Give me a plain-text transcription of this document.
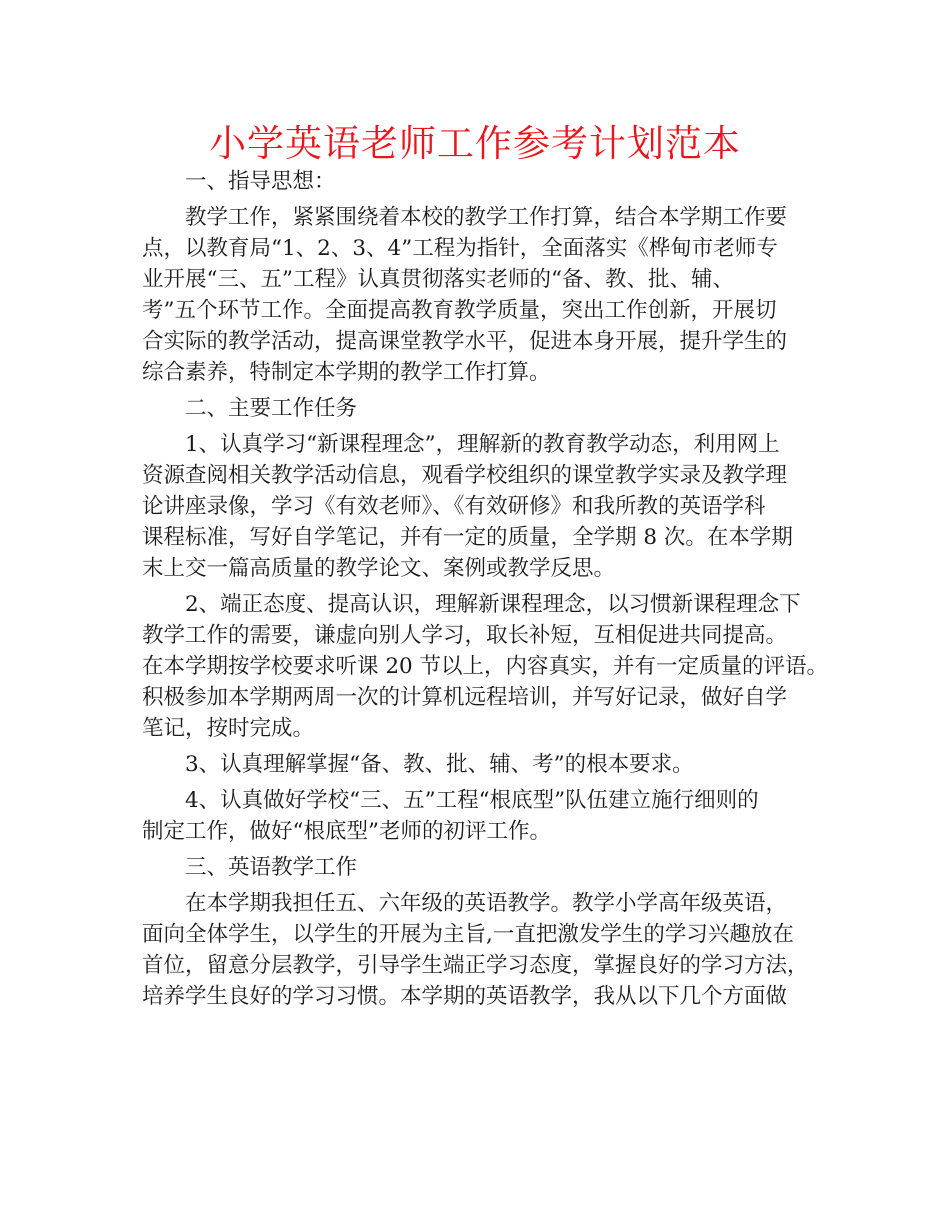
小学英语老师工作参考计划范本

一、指导思想：

教学工作，紧紧围绕着本校的教学工作打算，结合本学期工作要
点，以教育局“1、2、3、4”工程为指针，全面落实《桦甸市老师专
业开展“三、五”工程》认真贯彻落实老师的“备、教、批、辅、
考”五个环节工作。全面提高教育教学质量，突出工作创新，开展切
合实际的教学活动，提高课堂教学水平，促进本身开展，提升学生的
综合素养，特制定本学期的教学工作打算。

二、主要工作任务

1、认真学习“新课程理念”，理解新的教育教学动态，利用网上
资源查阅相关教学活动信息，观看学校组织的课堂教学实录及教学理
论讲座录像，学习《有效老师》、《有效研修》和我所教的英语学科
课程标准，写好自学笔记，并有一定的质量，全学期 8 次。在本学期
末上交一篇高质量的教学论文、案例或教学反思。

2、端正态度、提高认识，理解新课程理念，以习惯新课程理念下
教学工作的需要，谦虚向别人学习，取长补短，互相促进共同提高。
在本学期按学校要求听课 20 节以上，内容真实，并有一定质量的评语。
积极参加本学期两周一次的计算机远程培训，并写好记录，做好自学
笔记，按时完成。

3、认真理解掌握“备、教、批、辅、考”的根本要求。

4、认真做好学校“三、五”工程“根底型”队伍建立施行细则的
制定工作，做好“根底型”老师的初评工作。

三、英语教学工作

在本学期我担任五、六年级的英语教学。教学小学高年级英语，
面向全体学生，以学生的开展为主旨,一直把激发学生的学习兴趣放在
首位，留意分层教学，引导学生端正学习态度，掌握良好的学习方法，
培养学生良好的学习习惯。本学期的英语教学，我从以下几个方面做
